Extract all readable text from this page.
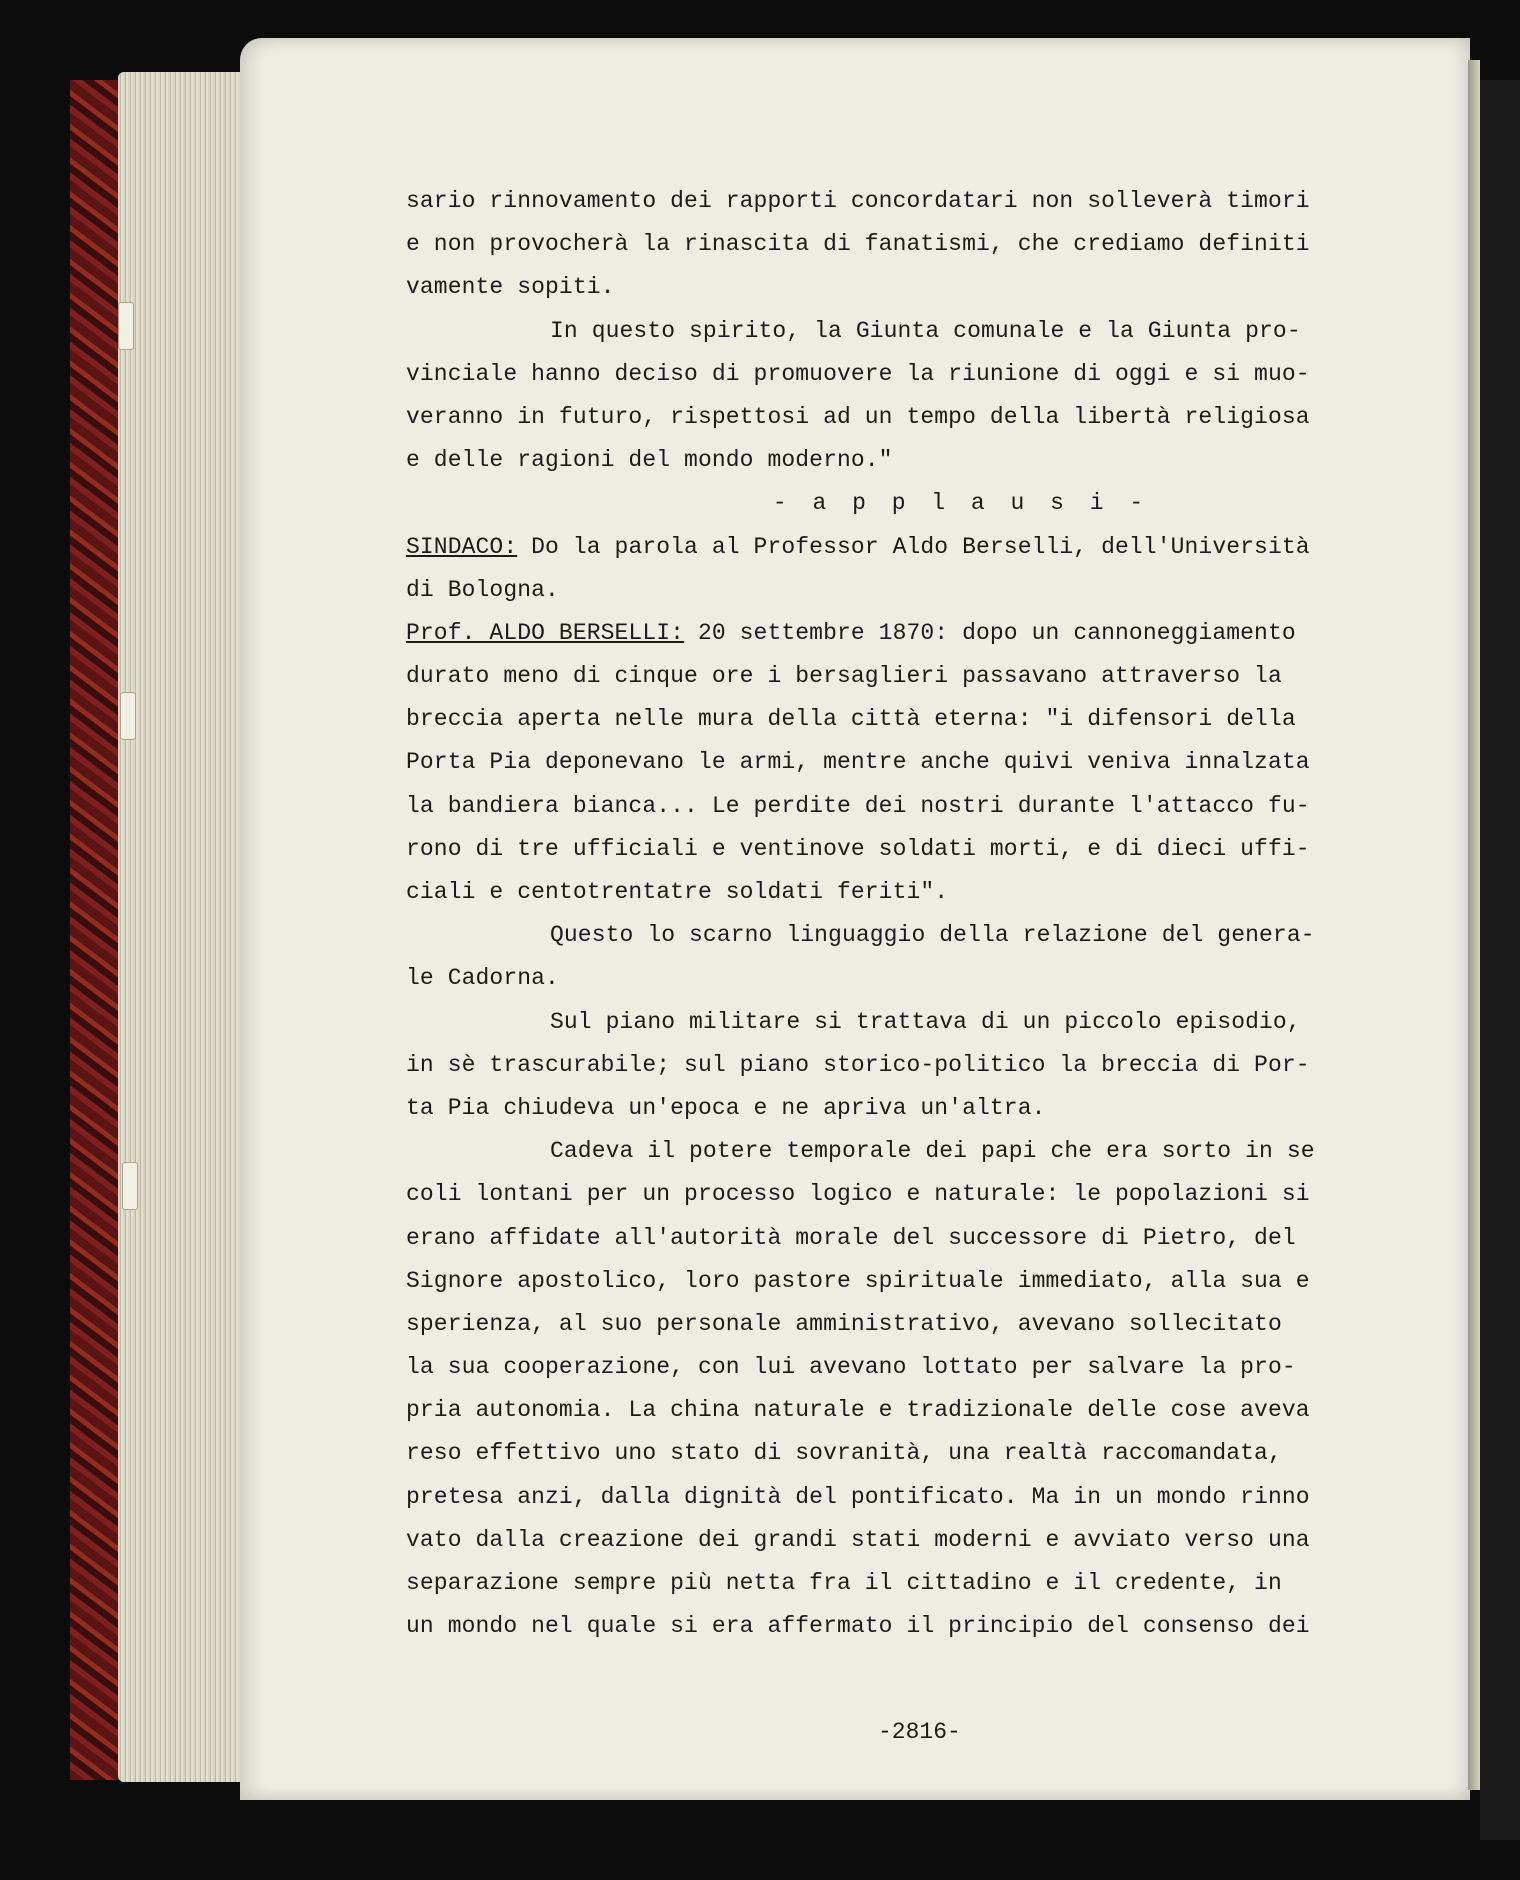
sario rinnovamento dei rapporti concordatari non solleverà timori
e non provocherà la rinascita di fanatismi, che crediamo definiti
vamente sopiti.
In questo spirito, la Giunta comunale e la Giunta pro-
vinciale hanno deciso di promuovere la riunione di oggi e si muo-
veranno in futuro, rispettosi ad un tempo della libertà religiosa
e delle ragioni del mondo moderno."
- a p p l a u s i -
SINDACO: Do la parola al Professor Aldo Berselli, dell'Università
di Bologna.
Prof. ALDO BERSELLI: 20 settembre 1870: dopo un cannoneggiamento
durato meno di cinque ore i bersaglieri passavano attraverso la
breccia aperta nelle mura della città eterna: "i difensori della
Porta Pia deponevano le armi, mentre anche quivi veniva innalzata
la bandiera bianca... Le perdite dei nostri durante l'attacco fu-
rono di tre ufficiali e ventinove soldati morti, e di dieci uffi-
ciali e centotrentatre soldati feriti".
Questo lo scarno linguaggio della relazione del genera-
le Cadorna.
Sul piano militare si trattava di un piccolo episodio,
in sè trascurabile; sul piano storico-politico la breccia di Por-
ta Pia chiudeva un'epoca e ne apriva un'altra.
Cadeva il potere temporale dei papi che era sorto in se
coli lontani per un processo logico e naturale: le popolazioni si
erano affidate all'autorità morale del successore di Pietro, del
Signore apostolico, loro pastore spirituale immediato, alla sua e
sperienza, al suo personale amministrativo, avevano sollecitato
la sua cooperazione, con lui avevano lottato per salvare la pro-
pria autonomia. La china naturale e tradizionale delle cose aveva
reso effettivo uno stato di sovranità, una realtà raccomandata,
pretesa anzi, dalla dignità del pontificato. Ma in un mondo rinno
vato dalla creazione dei grandi stati moderni e avviato verso una
separazione sempre più netta fra il cittadino e il credente, in
un mondo nel quale si era affermato il principio del consenso dei
-2816-
